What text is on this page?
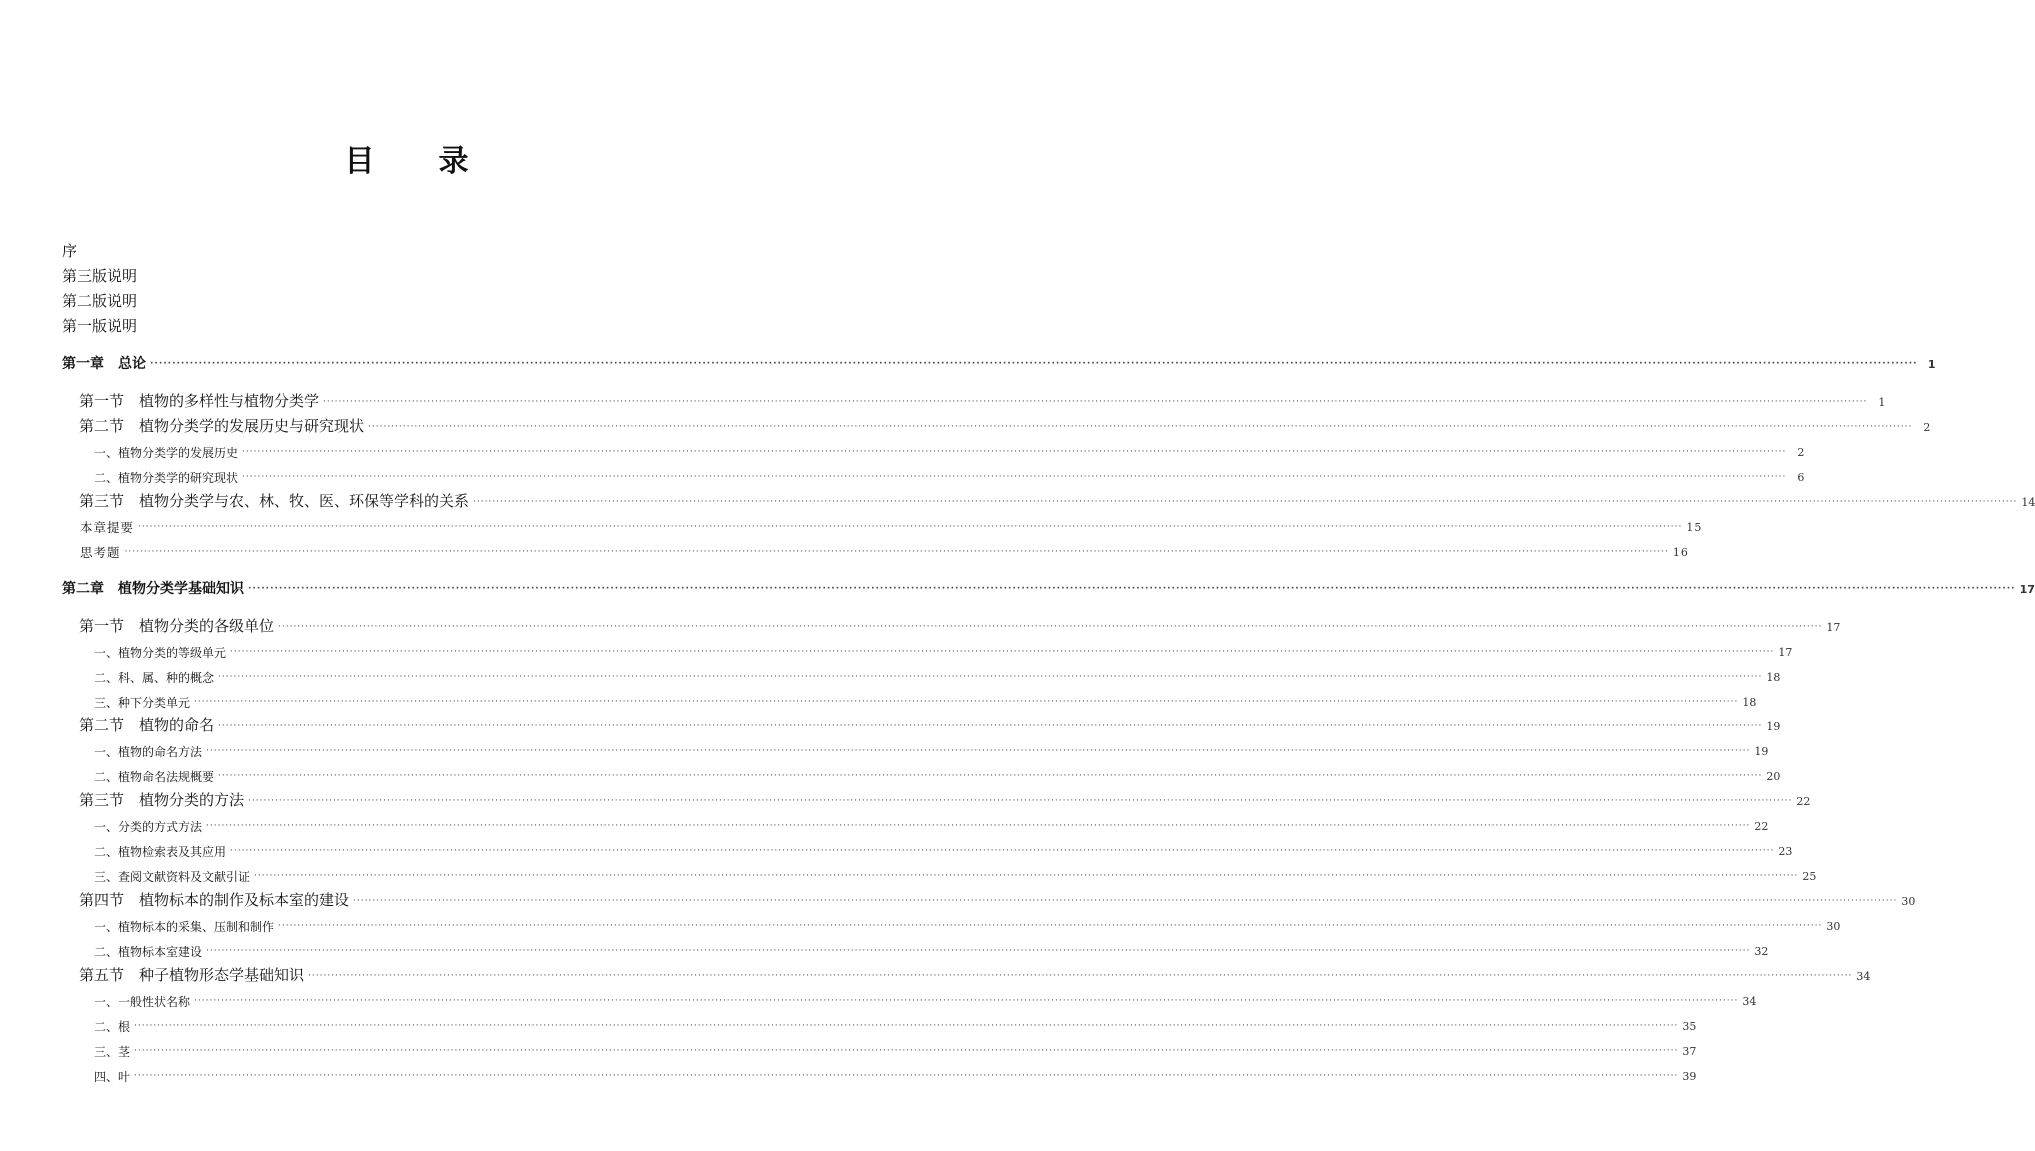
目 录
序
第三版说明
第二版说明
第一版说明
第一章　总论 ················································································································································································································································································································································································································ 1
第一节　植物的多样性与植物分类学 ················································································································································································································································································································································································································	1
第二节　植物分类学的发展历史与研究现状 ················································································································································································································································································································································································································	2
一、植物分类学的发展历史 ················································································································································································································································································································································································································	2
二、植物分类学的研究现状 ················································································································································································································································································································································································································	6
第三节　植物分类学与农、林、牧、医、环保等学科的关系 ················································································································································································································································································································································································································ 14
本章提要 ················································································································································································································································································································································································································ 15
思考题 ················································································································································································································································································································································································································ 16
第二章　植物分类学基础知识 ················································································································································································································································································································································································································ 17
第一节　植物分类的各级单位 ················································································································································································································································································································································································································ 17
一、植物分类的等级单元 ················································································································································································································································································································································································································ 17
二、科、属、种的概念 ················································································································································································································································································································································································································ 18
三、种下分类单元 ················································································································································································································································································································································································································ 18
第二节　植物的命名 ················································································································································································································································································································································································································ 19
一、植物的命名方法 ················································································································································································································································································································································································································ 19
二、植物命名法规概要 ················································································································································································································································································································································································································ 20
第三节　植物分类的方法 ················································································································································································································································································································································································································ 22
一、分类的方式方法 ················································································································································································································································································································································································································ 22
二、植物检索表及其应用 ················································································································································································································································································································································································································ 23
三、查阅文献资料及文献引证 ················································································································································································································································································································································································································ 25
第四节　植物标本的制作及标本室的建设 ················································································································································································································································································································································································································ 30
一、植物标本的采集、压制和制作 ················································································································································································································································································································································································································ 30
二、植物标本室建设 ················································································································································································································································································································································································································ 32
第五节　种子植物形态学基础知识 ················································································································································································································································································································································································································ 34
一、一般性状名称 ················································································································································································································································································································································································································ 34
二、根 ················································································································································································································································································································································································································ 35
三、茎 ················································································································································································································································································································································································································ 37
四、叶 ················································································································································································································································································································································································································ 39
